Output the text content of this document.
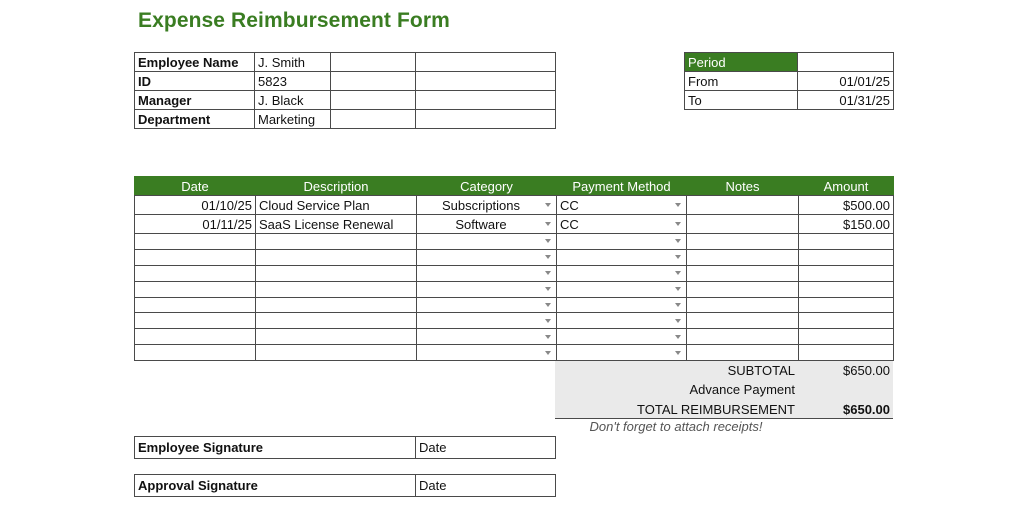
Expense Reimbursement Form
Employee Name	J. Smith		
ID	5823		
Manager	J. Black		
Department	Marketing		
Period	
From	01/01/25
To	01/31/25
Date	Description	Category	Payment Method	Notes	Amount
01/10/25	Cloud Service Plan	Subscriptions	CC		$500.00
01/11/25	SaaS License Renewal	Software	CC		$150.00

SUBTOTAL	$650.00
Advance Payment
TOTAL REIMBURSEMENT	$650.00
Don't forget to attach receipts!
Employee Signature	Date
Approval Signature	Date
